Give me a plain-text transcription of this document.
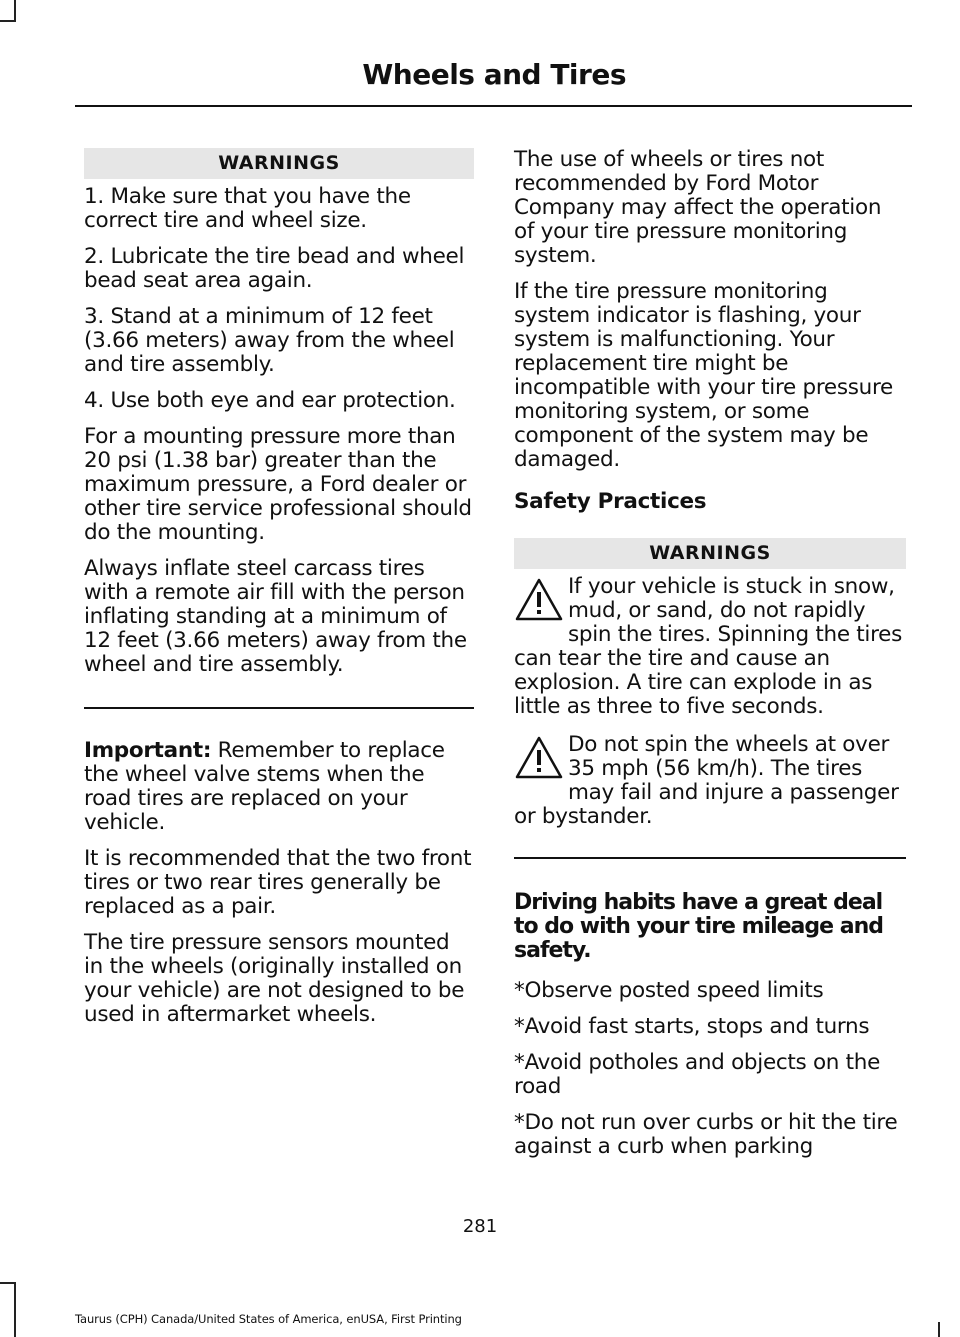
Wheels and Tires
WARNINGS

1. Make sure that you have the correct tire and wheel size.

2. Lubricate the tire bead and wheel bead seat area again.

3. Stand at a minimum of 12 feet (3.66 meters) away from the wheel and tire assembly.

4. Use both eye and ear protection.

For a mounting pressure more than 20 psi (1.38 bar) greater than the maximum pressure, a Ford dealer or other tire service professional should do the mounting.

Always inflate steel carcass tires with a remote air fill with the person inflating standing at a minimum of 12 feet (3.66 meters) away from the wheel and tire assembly.

Important: Remember to replace the wheel valve stems when the road tires are replaced on your vehicle.

It is recommended that the two front tires or two rear tires generally be replaced as a pair.

The tire pressure sensors mounted in the wheels (originally installed on your vehicle) are not designed to be used in aftermarket wheels.

The use of wheels or tires not recommended by Ford Motor Company may affect the operation of your tire pressure monitoring system.

If the tire pressure monitoring system indicator is flashing, your system is malfunctioning. Your replacement tire might be incompatible with your tire pressure monitoring system, or some component of the system may be damaged.

Safety Practices
WARNINGS
If your vehicle is stuck in snow, mud, or sand, do not rapidly spin the tires. Spinning the tires can tear the tire and cause an explosion. A tire can explode in as little as three to five seconds.
Do not spin the wheels at over 35 mph (56 km/h). The tires may fail and injure a passenger or bystander.
Driving habits have a great deal to do with your tire mileage and safety.

*Observe posted speed limits

*Avoid fast starts, stops and turns

*Avoid potholes and objects on the road

*Do not run over curbs or hit the tire against a curb when parking

281
Taurus (CPH) Canada/United States of America, enUSA, First Printing
